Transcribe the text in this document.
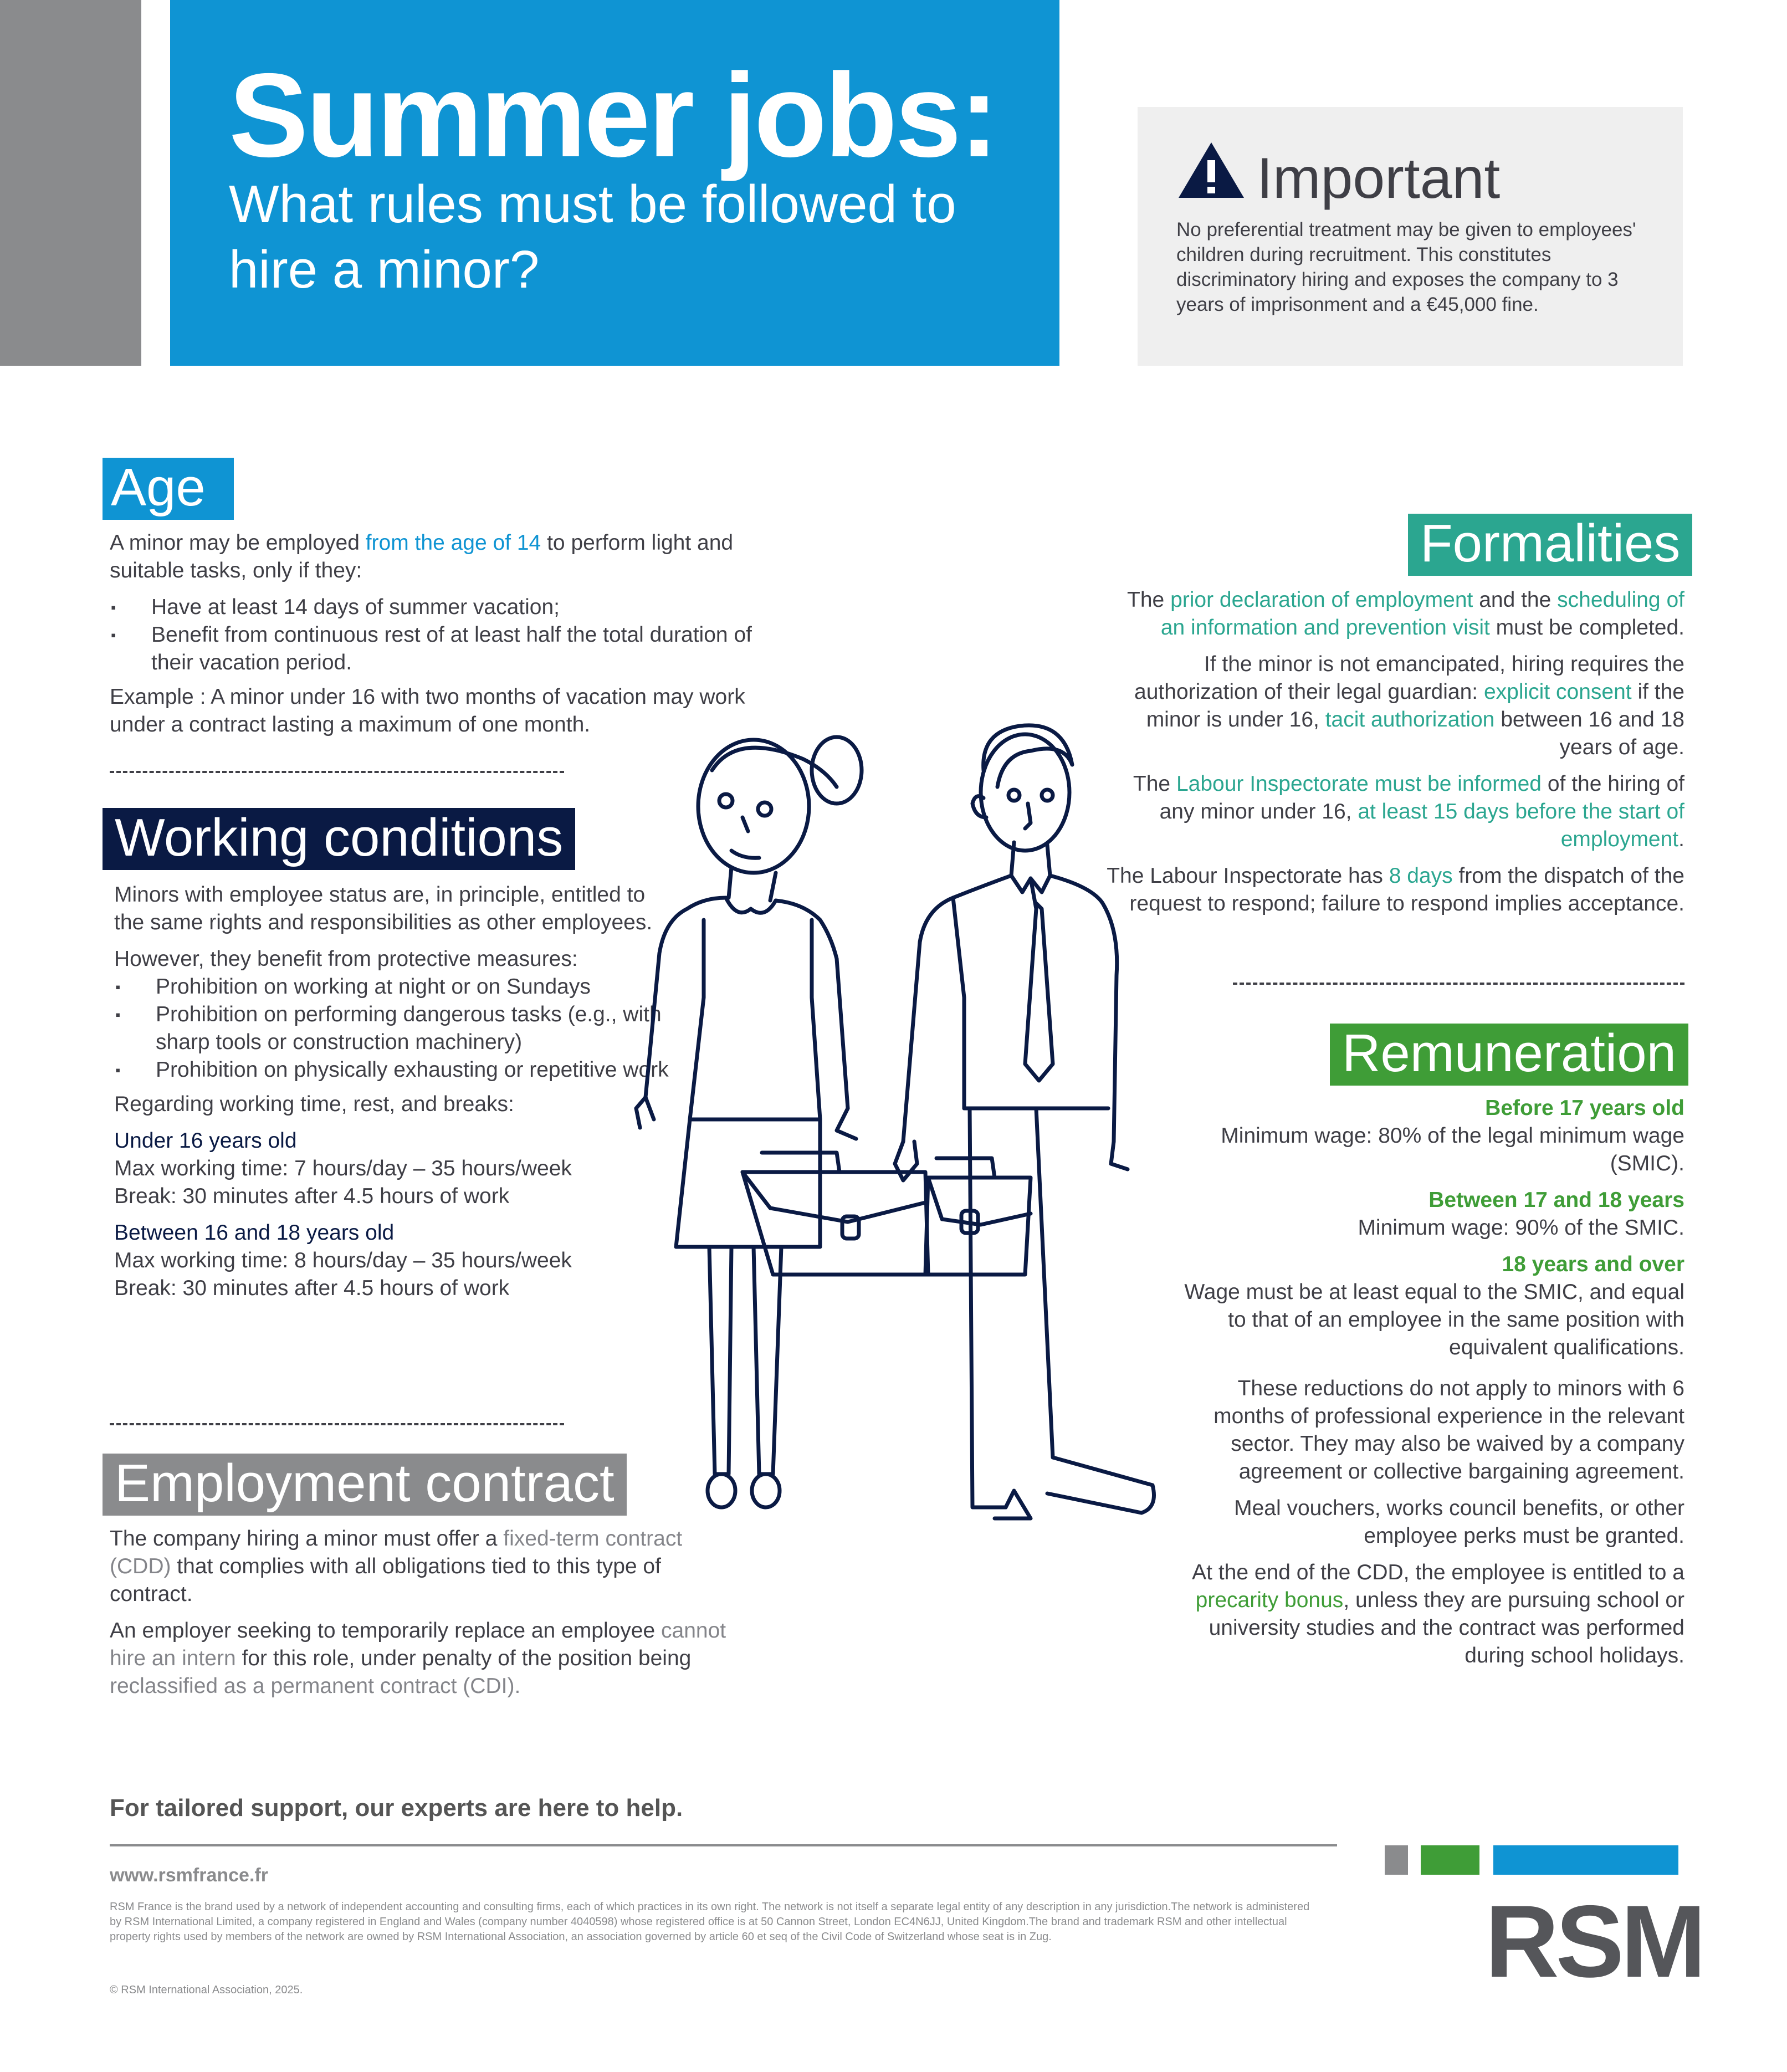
Summer jobs:
What rules must be followed to hire a minor?
Important
No preferential treatment may be given to employees' children during recruitment. This constitutes discriminatory hiring and exposes the company to 3 years of imprisonment and a €45,000 fine.
Age

A minor may be employed from the age of 14 to perform light and suitable tasks, only if they:

▪ Have at least 14 days of summer vacation;
▪ Benefit from continuous rest of at least half the total duration of their vacation period.

Example : A minor under 16 with two months of vacation may work under a contract lasting a maximum of one month.

Working conditions

Minors with employee status are, in principle, entitled to the same rights and responsibilities as other employees.

However, they benefit from protective measures:
▪ Prohibition on working at night or on Sundays
▪ Prohibition on performing dangerous tasks (e.g., with sharp tools or construction machinery)
▪ Prohibition on physically exhausting or repetitive work

Regarding working time, rest, and breaks:

Under 16 years old
Max working time: 7 hours/day – 35 hours/week

Break: 30 minutes after 4.5 hours of work

Between 16 and 18 years old
Max working time: 8 hours/day – 35 hours/week
Break: 30 minutes after 4.5 hours of work
Employment contract

The company hiring a minor must offer a fixed-term contract (CDD) that complies with all obligations tied to this type of contract.

An employer seeking to temporarily replace an employee cannot hire an intern for this role, under penalty of the position being reclassified as a permanent contract (CDI).

Formalities

The prior declaration of employment and the scheduling of an information and prevention visit must be completed.

If the minor is not emancipated, hiring requires the authorization of their legal guardian: explicit consent if the minor is under 16, tacit authorization between 16 and 18 years of age.

The Labour Inspectorate must be informed of the hiring of any minor under 16, at least 15 days before the start of employment.

The Labour Inspectorate has 8 days from the dispatch of the request to respond; failure to respond implies acceptance.

Remuneration
Before 17 years old

Minimum wage: 80% of the legal minimum wage (SMIC).

Between 17 and 18 years

Minimum wage: 90% of the SMIC.

18 years and over

Wage must be at least equal to the SMIC, and equal to that of an employee in the same position with equivalent qualifications.

These reductions do not apply to minors with 6 months of professional experience in the relevant sector. They may also be waived by a company agreement or collective bargaining agreement.

Meal vouchers, works council benefits, or other employee perks must be granted.

At the end of the CDD, the employee is entitled to a precarity bonus, unless they are pursuing school or university studies and the contract was performed during school holidays.

For tailored support, our experts are here to help.
www.rsmfrance.fr
RSM France is the brand used by a network of independent accounting and consulting firms, each of which practices in its own right. The network is not itself a separate legal entity of any description in any jurisdiction.The network is administered by RSM International Limited, a company registered in England and Wales (company number 4040598) whose registered office is at 50 Cannon Street, London EC4N6JJ, United Kingdom.The brand and trademark RSM and other intellectual property rights used by members of the network are owned by RSM International Association, an association governed by article 60 et seq of the Civil Code of Switzerland whose seat is in Zug.
© RSM International Association, 2025.	RSM
